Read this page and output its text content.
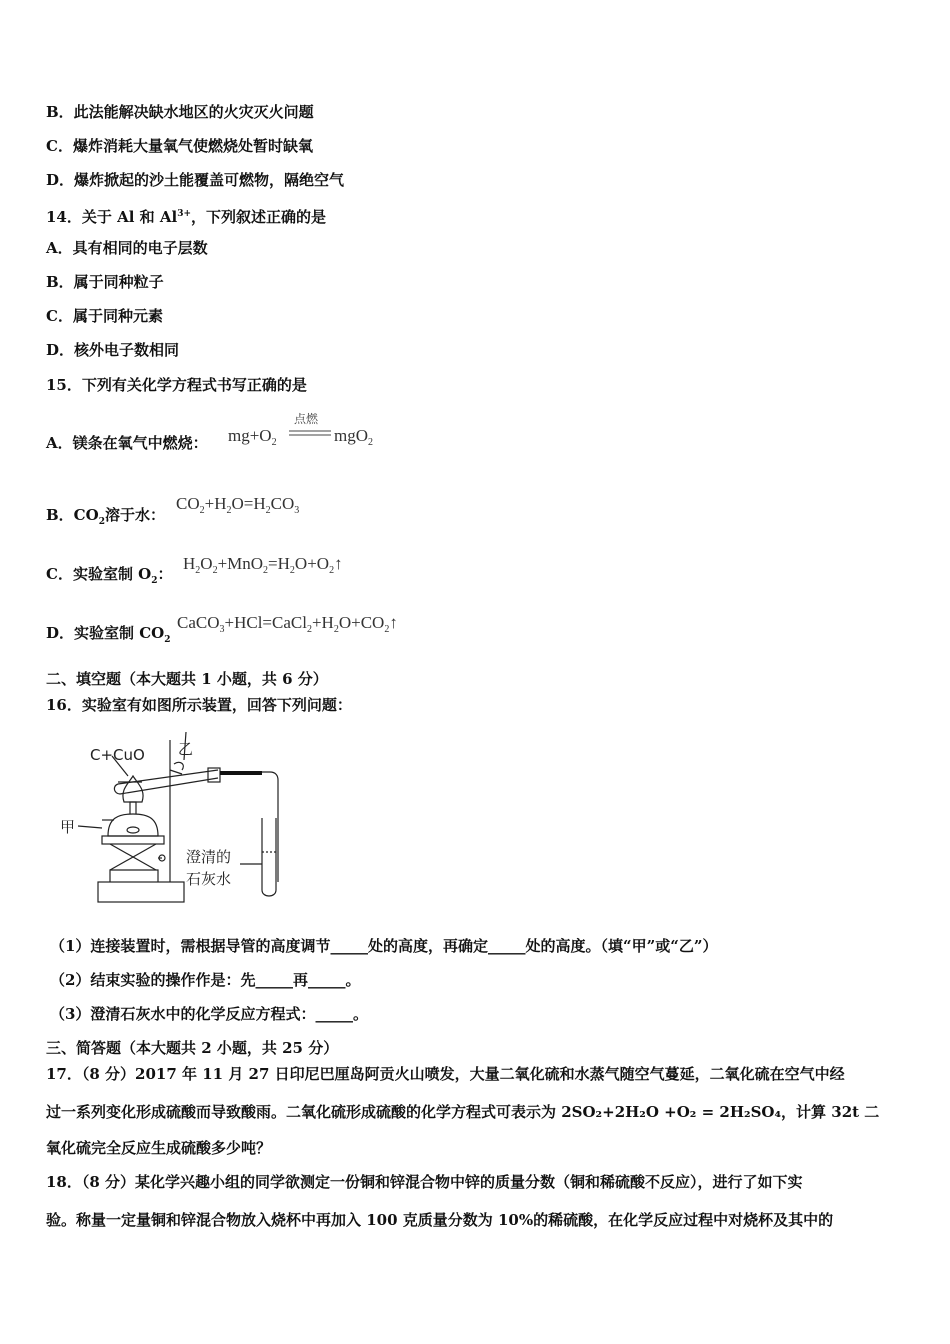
B．此法能解决缺水地区的火灾灭火问题
C．爆炸消耗大量氧气使燃烧处暂时缺氧
D．爆炸掀起的沙土能覆盖可燃物，隔绝空气
14．关于 Al 和 $Al^{3+}$，下列叙述正确的是
A．具有相同的电子层数
B．属于同种粒子
C．属于同种元素
D．核外电子数相同
15．下列有关化学方程式书写正确的是
A．镁条在氧气中燃烧： $mg+O_2$
点燃
mgO$_2$
B．$CO_2$溶于水：
$CO_2+H_2O=H_2CO_3$
C．实验室制 $O_2$：
$H_2O_2+MnO_2=H_2O+O_2↑$
D．实验室制 $CO_2$
$CaCO_3+HCl=CaCl_2+H_2O+CO_2↑$
二、填空题（本大题共 1 小题，共 6 分）
16．实验室有如图所示装置，回答下列问题：
C+CuO 乙
甲
澄清的
石灰水
（1）连接装置时，需根据导管的高度调节_____处的高度，再确定_____处的高度。（填“甲”或“乙”）
（2）结束实验的操作作是：先_____再_____。
（3）澄清石灰水中的化学反应方程式：_____。
三、简答题（本大题共 2 小题，共 25 分）
17．（8 分）2017 年 11 月 27 日印尼巴厘岛阿贡火山喷发，大量二氧化硫和水蒸气随空气蔓延，二氧化硫在空气中经
过一系列变化形成硫酸而导致酸雨。二氧化硫形成硫酸的化学方程式可表示为 2SO₂+2H₂O +O₂ = 2H₂SO₄，计算 32t 二
氧化硫完全反应生成硫酸多少吨？
18．（8 分）某化学兴趣小组的同学欲测定一份铜和锌混合物中锌的质量分数（铜和稀硫酸不反应），进行了如下实
验。称量一定量铜和锌混合物放入烧杯中再加入 100 克质量分数为 10%的稀硫酸，在化学反应过程中对烧杯及其中的
